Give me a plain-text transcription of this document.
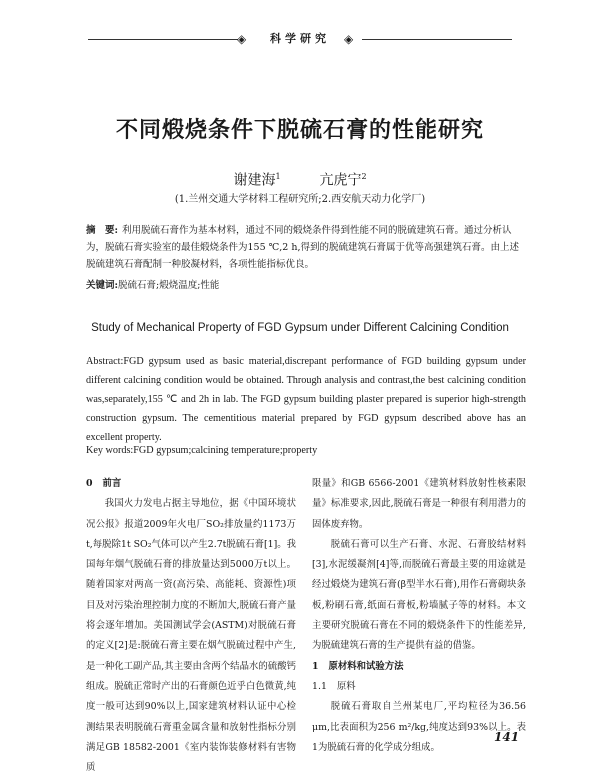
◈	科学研究	◈
不同煅烧条件下脱硫石膏的性能研究
谢建海$^1$	亢虎宁$^2$
(1.兰州交通大学材料工程研究所;2.西安航天动力化学厂)
摘　要: 利用脱硫石膏作为基本材料，通过不同的煅烧条件得到性能不同的脱硫建筑石膏。通过分析认为，脱硫石膏实验室的最佳煅烧条件为155 ℃,2 h,得到的脱硫建筑石膏属于优等高强建筑石膏。由上述脱硫建筑石膏配制一种胶凝材料，各项性能指标优良。
关键词:脱硫石膏;煅烧温度;性能
Study of Mechanical Property of FGD Gypsum under Different Calcining Condition
Abstract:FGD gypsum used as basic material,discrepant performance of FGD building gypsum under different calcining condition would be obtained. Through analysis and contrast,the best calcining condition was,separately,155 ℃ and 2h in lab. The FGD gypsum building plaster prepared is superior high-strength construction gypsum. The cementitious material prepared by FGD gypsum described above has an excellent property.
Key words:FGD gypsum;calcining temperature;property
0 前言
我国火力发电占据主导地位，据《中国环境状况公报》报道2009年火电厂SO₂排放量约1173万t,每脱除1t SO₂气体可以产生2.7t脱硫石膏[1]。我国每年烟气脱硫石膏的排放量达到5000万t以上。随着国家对两高一资(高污染、高能耗、资源性)项目及对污染治理控制力度的不断加大,脱硫石膏产量将会逐年增加。美国测试学会(ASTM)对脱硫石膏的定义[2]是:脱硫石膏主要在烟气脱硫过程中产生,是一种化工副产品,其主要由含两个结晶水的硫酸钙组成。脱硫正常时产出的石膏颜色近乎白色微黄,纯度一般可达到90%以上,国家建筑材料认证中心检测结果表明脱硫石膏重金属含量和放射性指标分别满足GB 18582-2001《室内装饰装修材料有害物质
限量》和GB 6566-2001《建筑材料放射性核素限量》标准要求,因此,脱硫石膏是一种很有利用潜力的固体废弃物。
脱硫石膏可以生产石膏、水泥、石膏胶结材料[3],水泥缓凝剂[4]等,而脱硫石膏最主要的用途就是经过煅烧为建筑石膏(β型半水石膏),用作石膏砌块条板,粉刷石膏,纸面石膏板,粉墙腻子等的材料。本文主要研究脱硫石膏在不同的煅烧条件下的性能差异,为脱硫建筑石膏的生产提供有益的借鉴。
1 原材料和试验方法
1.1 原料
脱硫石膏取自兰州某电厂,平均粒径为36.56 μm,比表面积为256 m²/kg,纯度达到93%以上。表1为脱硫石膏的化学成分组成。
141
